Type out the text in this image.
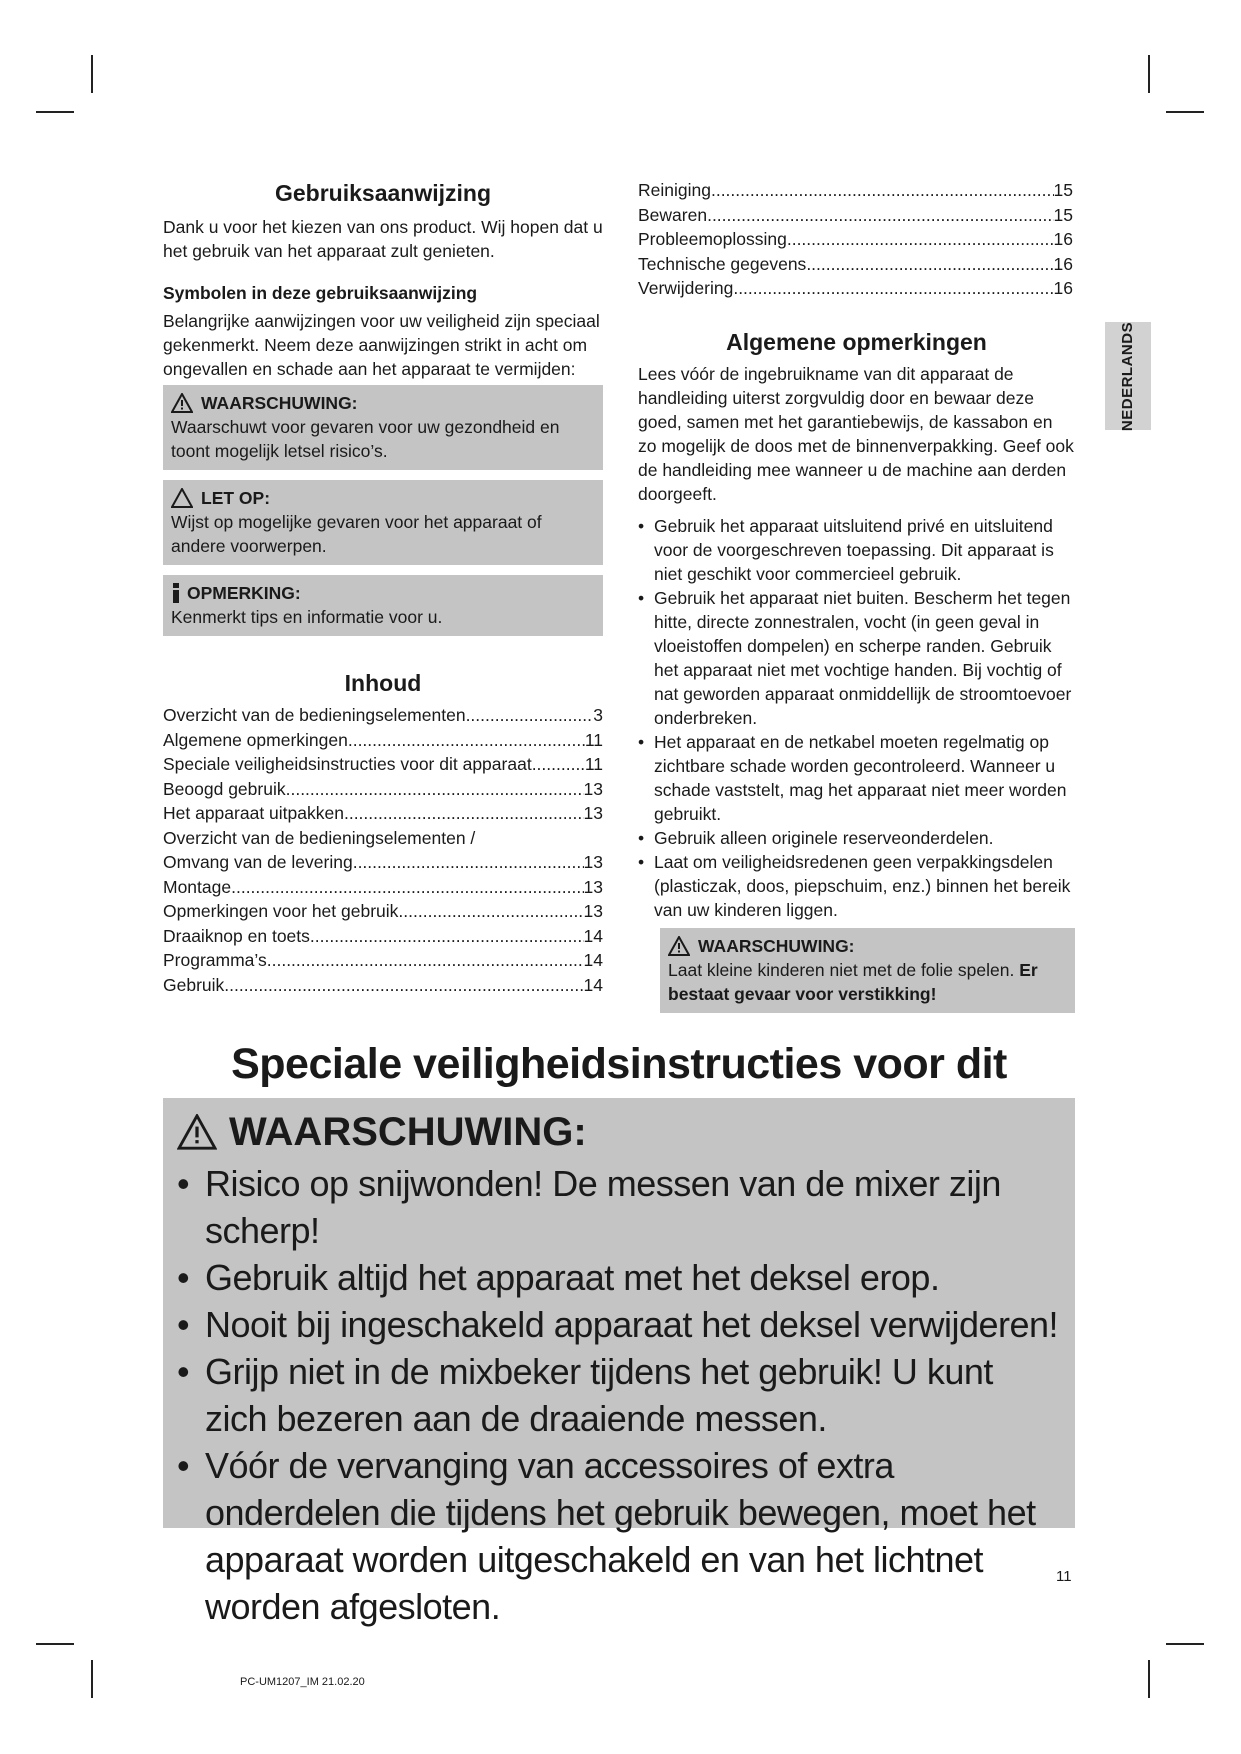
Gebruiksaanwijzing

Dank u voor het kiezen van ons product. Wij hopen dat u het gebruik van het apparaat zult genieten.

Symbolen in deze gebruiksaanwijzing

Belangrijke aanwijzingen voor uw veiligheid zijn speciaal gekenmerkt. Neem deze aanwijzingen strikt in acht om ongevallen en schade aan het apparaat te vermijden:

WAARSCHUWING:
Waarschuwt voor gevaren voor uw gezondheid en toont mogelijk letsel risico’s.
LET OP:
Wijst op mogelijke gevaren voor het apparaat of andere voorwerpen.
OPMERKING:
Kenmerkt tips en informatie voor u.
Inhoud
Overzicht van de bedieningselementen .....	3
Algemene opmerkingen .....	11
Speciale veiligheidsinstructies voor dit apparaat .....	11
Beoogd gebruik .....	13
Het apparaat uitpakken .....	13
Overzicht van de bedieningselementen /
Omvang van de levering .....	13
Montage .....	13
Opmerkingen voor het gebruik .....	13
Draaiknop en toets .....	14
Programma’s .....	14
Gebruik .....	14
Reiniging .....	15
Bewaren .....	15
Probleemoplossing .....	16
Technische gegevens .....	16
Verwijdering .....	16
Algemene opmerkingen

Lees vóór de ingebruikname van dit apparaat de handleiding uiterst zorgvuldig door en bewaar deze goed, samen met het garantiebewijs, de kassabon en zo mogelijk de doos met de binnenverpakking. Geef ook de handleiding mee wanneer u de machine aan derden doorgeeft.

• Gebruik het apparaat uitsluitend privé en uitsluitend voor de voorgeschreven toepassing. Dit apparaat is niet geschikt voor commercieel gebruik.
• Gebruik het apparaat niet buiten. Bescherm het tegen hitte, directe zonnestralen, vocht (in geen geval in vloeistoffen dompelen) en scherpe randen. Gebruik het apparaat niet met vochtige handen. Bij vochtig of nat geworden apparaat onmiddellijk de stroomtoevoer onderbreken.
• Het apparaat en de netkabel moeten regelmatig op zichtbare schade worden gecontroleerd. Wanneer u schade vaststelt, mag het apparaat niet meer worden gebruikt.
• Gebruik alleen originele reserveonderdelen.
• Laat om veiligheidsredenen geen verpakkingsdelen (plasticzak, doos, piepschuim, enz.) binnen het bereik van uw kinderen liggen.
WAARSCHUWING:
Laat kleine kinderen niet met de folie spelen. Er bestaat gevaar voor verstikking!
NEDERLANDS
Speciale veiligheidsinstructies voor dit
WAARSCHUWING:
• Risico op snijwonden! De messen van de mixer zijn scherp!
• Gebruik altijd het apparaat met het deksel erop.
• Nooit bij ingeschakeld apparaat het deksel verwijderen!
• Grijp niet in de mixbeker tijdens het gebruik! U kunt zich bezeren aan de draaiende messen.
• Vóór de vervanging van accessoires of extra onderdelen die tijdens het gebruik bewegen, moet het apparaat worden uitgeschakeld en van het lichtnet worden afgesloten.
11
PC-UM1207_IM 21.02.20
